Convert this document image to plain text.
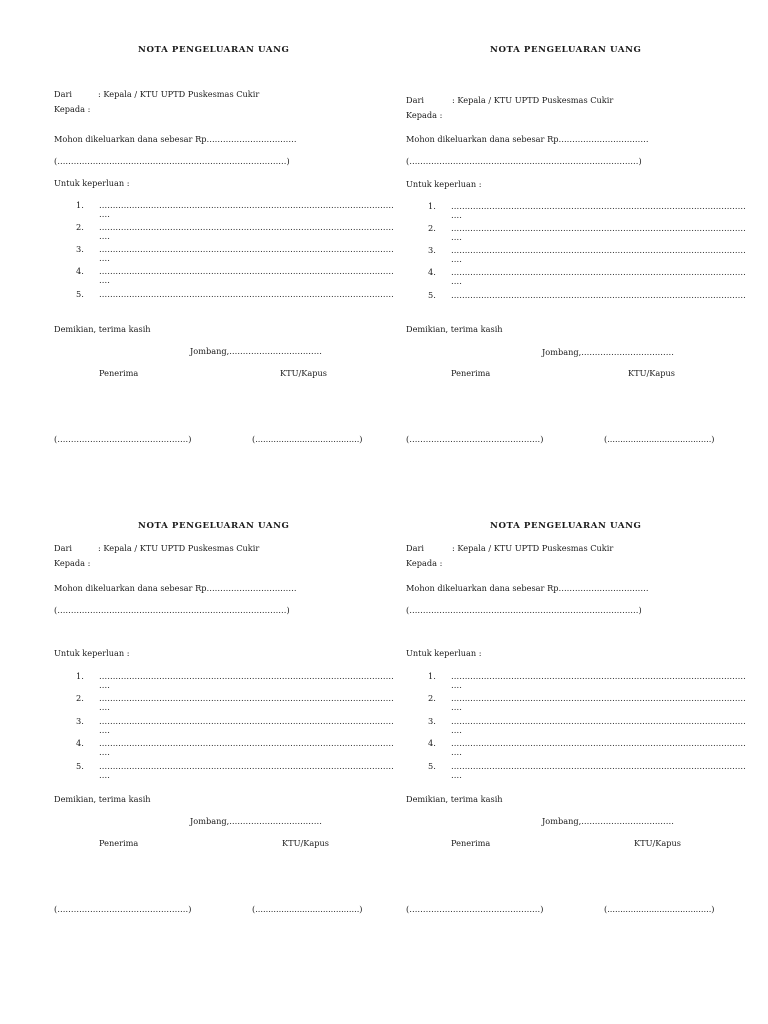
NOTA PENGELUARAN UANG
Dari	: Kepala / KTU UPTD Puskesmas Cukir
Kepada :
Mohon dikeluarkan dana sebesar Rp……………………………
(…………………………………………………………………………)
Untuk keperluan :
1. ………………………………………………………………………………………………
….
2. ………………………………………………………………………………………………
….
3. ………………………………………………………………………………………………
….
4. ………………………………………………………………………………………………
….
5. ………………………………………………………………………………………………
Demikian, terima kasih
Jombang,.……………………………
Penerima	KTU/Kapus
(…………………………………………)	(........................................)
NOTA PENGELUARAN UANG
Dari	: Kepala / KTU UPTD Puskesmas Cukir
Kepada :
Mohon dikeluarkan dana sebesar Rp……………………………
(…………………………………………………………………………)
Untuk keperluan :
1. ………………………………………………………………………………………………
….
2. ………………………………………………………………………………………………
….
3. ………………………………………………………………………………………………
….
4. ………………………………………………………………………………………………
….
5. ………………………………………………………………………………………………
Demikian, terima kasih
Jombang,.……………………………
Penerima	KTU/Kapus
(…………………………………………)	(........................................)
NOTA PENGELUARAN UANG
Dari	: Kepala / KTU UPTD Puskesmas Cukir
Kepada :
Mohon dikeluarkan dana sebesar Rp……………………………
(…………………………………………………………………………)
Untuk keperluan :
1. ………………………………………………………………………………………………
….
2. ………………………………………………………………………………………………
….
3. ………………………………………………………………………………………………
….
4. ………………………………………………………………………………………………
….
5. ………………………………………………………………………………………………
….
Demikian, terima kasih
Jombang,.……………………………
Penerima	KTU/Kapus
(…………………………………………)	(........................................)
NOTA PENGELUARAN UANG
Dari	: Kepala / KTU UPTD Puskesmas Cukir
Kepada :
Mohon dikeluarkan dana sebesar Rp……………………………
(…………………………………………………………………………)
Untuk keperluan :
1. ………………………………………………………………………………………………
….
2. ………………………………………………………………………………………………
….
3. ………………………………………………………………………………………………
….
4. ………………………………………………………………………………………………
….
5. ………………………………………………………………………………………………
….
Demikian, terima kasih
Jombang,.……………………………
Penerima	KTU/Kapus
(…………………………………………)	(........................................)
